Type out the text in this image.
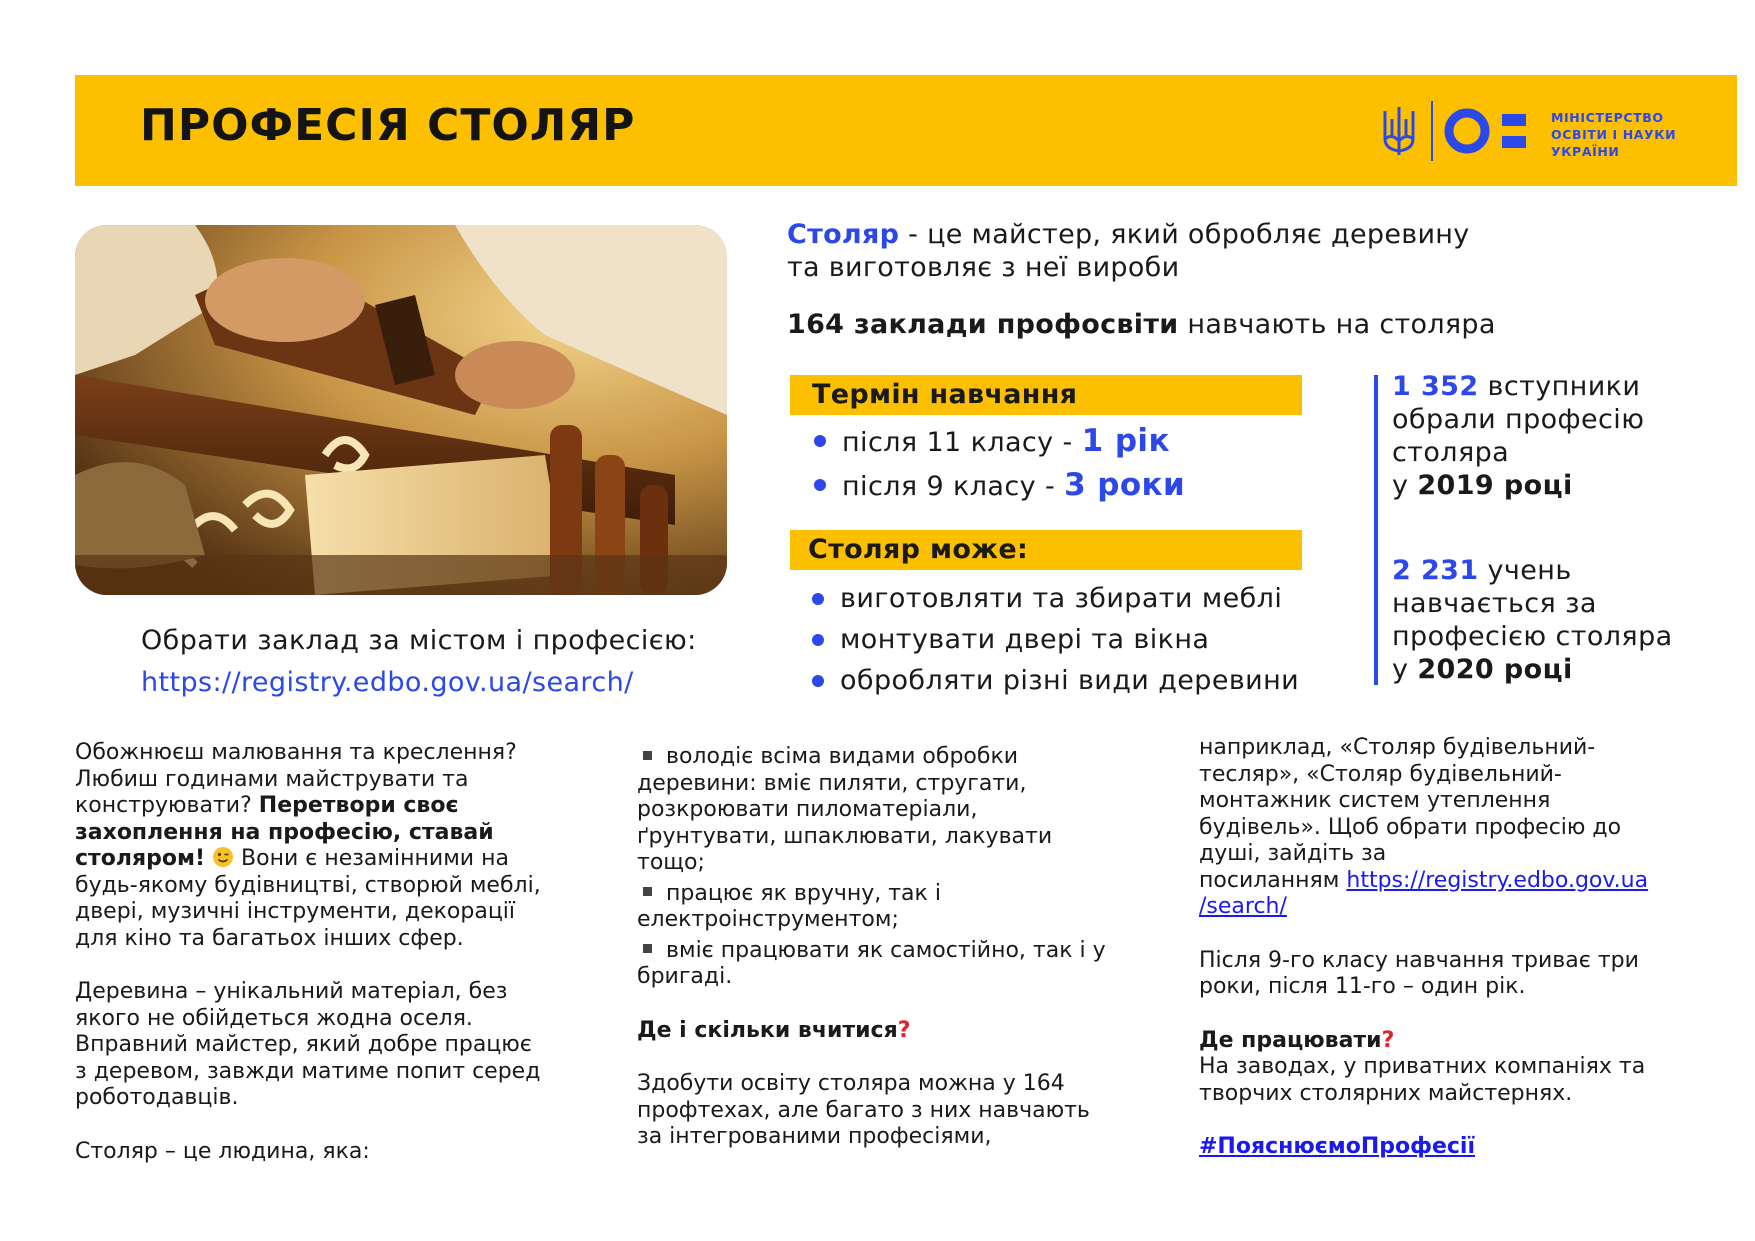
ПРОФЕСІЯ СТОЛЯР	МІНІСТЕРСТВО
ОСВІТИ І НАУКИ
УКРАЇНИ
Столяр - це майстер, який обробляє деревину
та виготовляє з неї вироби
164 заклади профосвіти навчають на столяра
Термін навчання
після 11 класу - 1 рік
після 9 класу - 3 роки
Столяр може:
виготовляти та збирати меблі
монтувати двері та вікна
обробляти різні види деревини
1 352 вступники
обрали професію
столяра
у 2019 році
2 231 учень
навчається за
професією столяра
у 2020 році
Обрати заклад за містом і професією:
https://registry.edbo.gov.ua/search/

Обожнюєш малювання та креслення?
Любиш годинами майструвати та
конструювати? Перетвори своє
захоплення на професію, ставай
столяром!  Вони є незамінними на
будь-якому будівництві, створюй меблі,
двері, музичні інструменти, декорації
для кіно та багатьох інших сфер.

Деревина – унікальний матеріал, без
якого не обійдеться жодна оселя.
Вправний майстер, який добре працює
з деревом, завжди матиме попит серед
роботодавців.

Столяр – це людина, яка:

володіє всіма видами обробки
деревини: вміє пиляти, стругати,
розкроювати пиломатеріали,
ґрунтувати, шпаклювати, лакувати
тощо;

працює як вручну, так і
електроінструментом;

вміє працювати як самостійно, так і у
бригаді.

Де і скільки вчитися?

Здобути освіту столяра можна у 164
профтехах, але багато з них навчають
за інтегрованими професіями,

наприклад, «Столяр будівельний-
тесляр», «Столяр будівельний-
монтажник систем утеплення
будівель». Щоб обрати професію до
душі, зайдіть за
посиланням https://registry.edbo.gov.ua
/search/

Після 9-го класу навчання триває три
роки, після 11-го – один рік.

Де працювати?

На заводах, у приватних компаніях та
творчих столярних майстернях.

#ПояснюємоПрофесії
